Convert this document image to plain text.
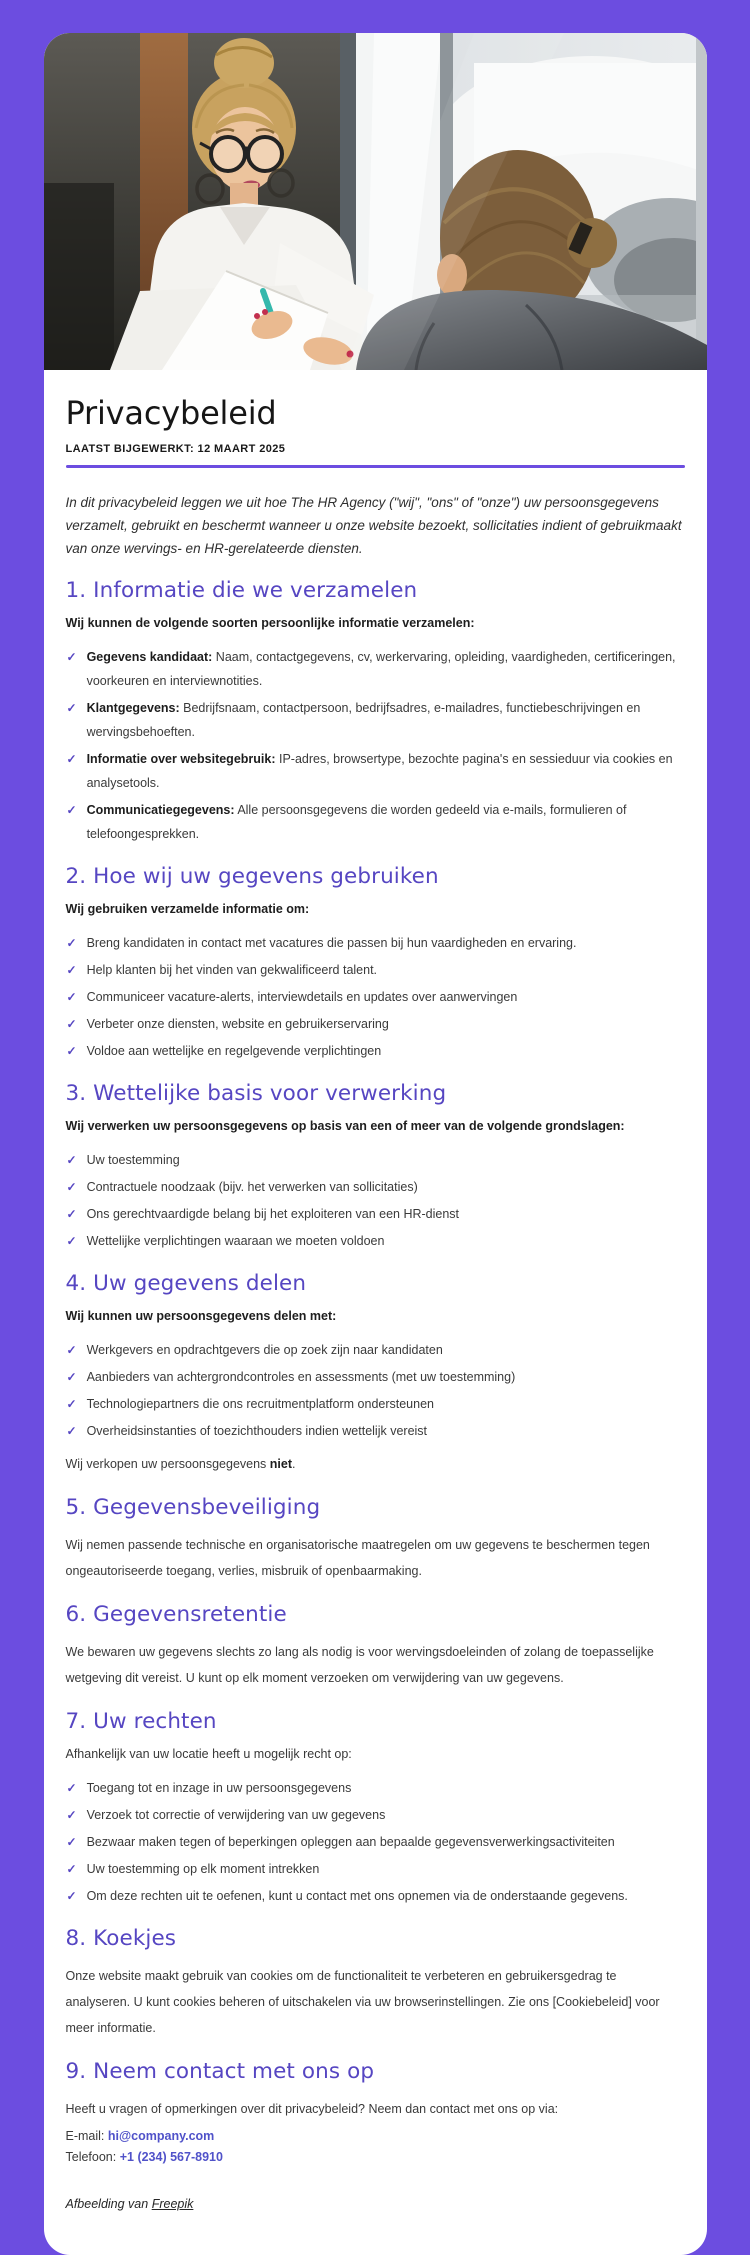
Privacybeleid

LAATST BIJGEWERKT: 12 MAART 2025

In dit privacybeleid leggen we uit hoe The HR Agency ("wij", "ons" of "onze") uw persoonsgegevens verzamelt, gebruikt en beschermt wanneer u onze website bezoekt, sollicitaties indient of gebruikmaakt van onze wervings- en HR-gerelateerde diensten.

1. Informatie die we verzamelen

Wij kunnen de volgende soorten persoonlijke informatie verzamelen:

✓ Gegevens kandidaat: Naam, contactgegevens, cv, werkervaring, opleiding, vaardigheden, certificeringen, voorkeuren en interviewnotities.
✓ Klantgegevens: Bedrijfsnaam, contactpersoon, bedrijfsadres, e-mailadres, functiebeschrijvingen en wervingsbehoeften.
✓ Informatie over websitegebruik: IP-adres, browsertype, bezochte pagina's en sessieduur via cookies en analysetools.
✓ Communicatiegegevens: Alle persoonsgegevens die worden gedeeld via e-mails, formulieren of telefoongesprekken.
2. Hoe wij uw gegevens gebruiken

Wij gebruiken verzamelde informatie om:

✓ Breng kandidaten in contact met vacatures die passen bij hun vaardigheden en ervaring.
✓ Help klanten bij het vinden van gekwalificeerd talent.
✓ Communiceer vacature-alerts, interviewdetails en updates over aanwervingen
✓ Verbeter onze diensten, website en gebruikerservaring
✓ Voldoe aan wettelijke en regelgevende verplichtingen
3. Wettelijke basis voor verwerking

Wij verwerken uw persoonsgegevens op basis van een of meer van de volgende grondslagen:

✓ Uw toestemming
✓ Contractuele noodzaak (bijv. het verwerken van sollicitaties)
✓ Ons gerechtvaardigde belang bij het exploiteren van een HR-dienst
✓ Wettelijke verplichtingen waaraan we moeten voldoen
4. Uw gegevens delen

Wij kunnen uw persoonsgegevens delen met:

✓ Werkgevers en opdrachtgevers die op zoek zijn naar kandidaten
✓ Aanbieders van achtergrondcontroles en assessments (met uw toestemming)
✓ Technologiepartners die ons recruitmentplatform ondersteunen
✓ Overheidsinstanties of toezichthouders indien wettelijk vereist

Wij verkopen uw persoonsgegevens niet.

5. Gegevensbeveiliging

Wij nemen passende technische en organisatorische maatregelen om uw gegevens te beschermen tegen ongeautoriseerde toegang, verlies, misbruik of openbaarmaking.

6. Gegevensretentie

We bewaren uw gegevens slechts zo lang als nodig is voor wervingsdoeleinden of zolang de toepasselijke wetgeving dit vereist. U kunt op elk moment verzoeken om verwijdering van uw gegevens.

7. Uw rechten

Afhankelijk van uw locatie heeft u mogelijk recht op:

✓ Toegang tot en inzage in uw persoonsgegevens
✓ Verzoek tot correctie of verwijdering van uw gegevens
✓ Bezwaar maken tegen of beperkingen opleggen aan bepaalde gegevensverwerkingsactiviteiten
✓ Uw toestemming op elk moment intrekken
✓ Om deze rechten uit te oefenen, kunt u contact met ons opnemen via de onderstaande gegevens.
8. Koekjes

Onze website maakt gebruik van cookies om de functionaliteit te verbeteren en gebruikersgedrag te analyseren. U kunt cookies beheren of uitschakelen via uw browserinstellingen. Zie ons [Cookiebeleid] voor meer informatie.

9. Neem contact met ons op

Heeft u vragen of opmerkingen over dit privacybeleid? Neem dan contact met ons op via:

E-mail: hi@company.com

Telefoon: +1 (234) 567-8910

Afbeelding van Freepik
